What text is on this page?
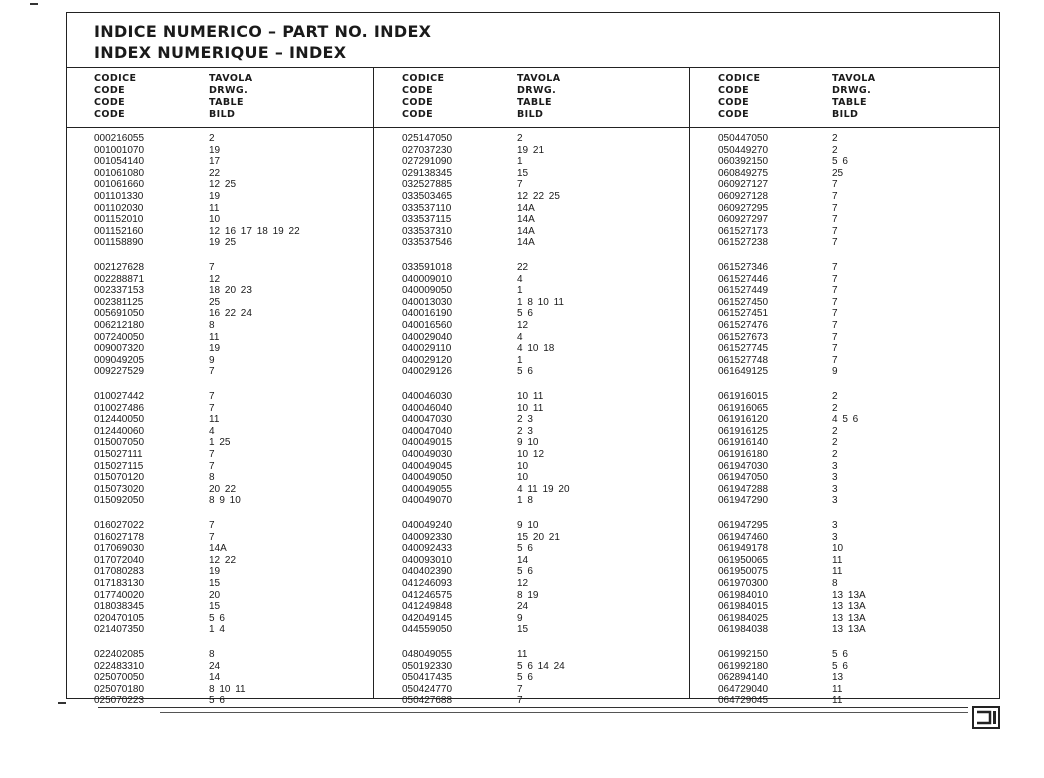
INDICE NUMERICO – PART NO. INDEX
INDEX NUMERIQUE – INDEX
CODICE
CODE
CODE
CODE
TAVOLA
DRWG.
TABLE
BILD
000216055	2
001001070	19
001054140	17
001061080	22
001061660	12 25
001101330	19
001102030	11
001152010	10
001152160	12 16 17 18 19 22
001158890	19 25
002127628	7
002288871	12
002337153	18 20 23
002381125	25
005691050	16 22 24
006212180	8
007240050	11
009007320	19
009049205	9
009227529	7
010027442	7
010027486	7
012440050	11
012440060	4
015007050	1 25
015027111	7
015027115	7
015070120	8
015073020	20 22
015092050	8 9 10
016027022	7
016027178	7
017069030	14A
017072040	12 22
017080283	19
017183130	15
017740020	20
018038345	15
020470105	5 6
021407350	1 4
022402085	8
022483310	24
025070050	14
025070180	8 10 11
025070223	5 6
CODICE
CODE
CODE
CODE
TAVOLA
DRWG.
TABLE
BILD
025147050	2
027037230	19 21
027291090	1
029138345	15
032527885	7
033503465	12 22 25
033537110	14A
033537115	14A
033537310	14A
033537546	14A
033591018	22
040009010	4
040009050	1
040013030	1 8 10 11
040016190	5 6
040016560	12
040029040	4
040029110	4 10 18
040029120	1
040029126	5 6
040046030	10 11
040046040	10 11
040047030	2 3
040047040	2 3
040049015	9 10
040049030	10 12
040049045	10
040049050	10
040049055	4 11 19 20
040049070	1 8
040049240	9 10
040092330	15 20 21
040092433	5 6
040093010	14
040402390	5 6
041246093	12
041246575	8 19
041249848	24
042049145	9
044559050	15
048049055	11
050192330	5 6 14 24
050417435	5 6
050424770	7
050427688	7
CODICE
CODE
CODE
CODE
TAVOLA
DRWG.
TABLE
BILD
050447050	2
050449270	2
060392150	5 6
060849275	25
060927127	7
060927128	7
060927295	7
060927297	7
061527173	7
061527238	7
061527346	7
061527446	7
061527449	7
061527450	7
061527451	7
061527476	7
061527673	7
061527745	7
061527748	7
061649125	9
061916015	2
061916065	2
061916120	4 5 6
061916125	2
061916140	2
061916180	2
061947030	3
061947050	3
061947288	3
061947290	3
061947295	3
061947460	3
061949178	10
061950065	11
061950075	11
061970300	8
061984010	13 13A
061984015	13 13A
061984025	13 13A
061984038	13 13A
061992150	5 6
061992180	5 6
062894140	13
064729040	11
064729045	11
